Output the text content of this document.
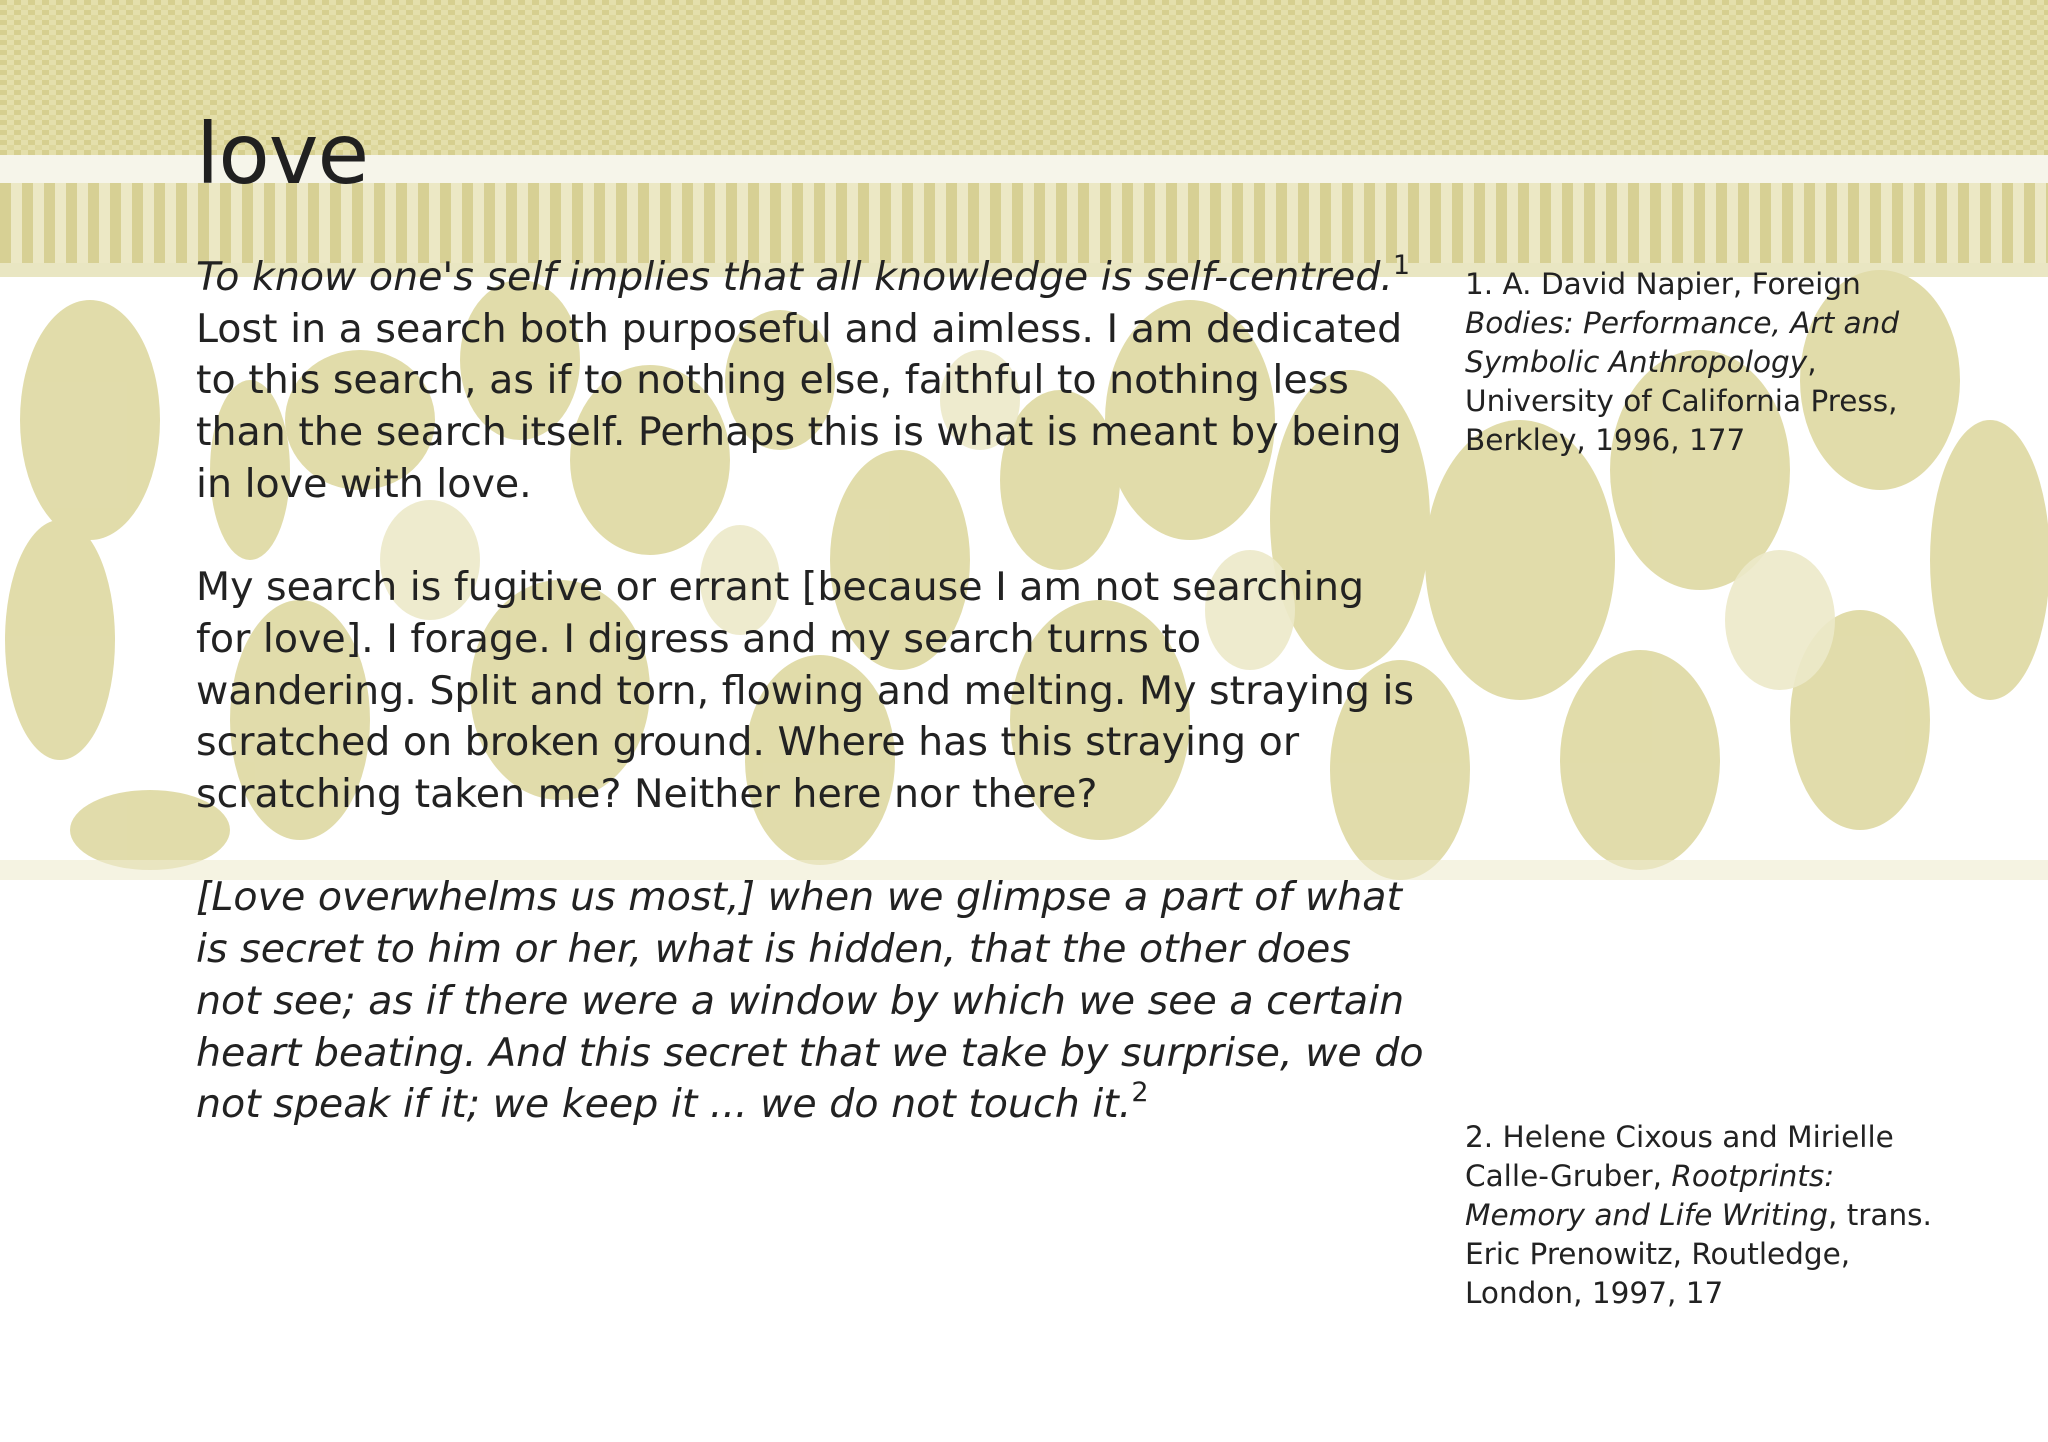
love

To know one's self implies that all knowledge is self-centred.$^1$ Lost in a search both purposeful and aimless. I am dedicated to this search, as if to nothing else, faithful to nothing less than the search itself. Perhaps this is what is meant by being in love with love.

My search is fugitive or errant [because I am not searching for love]. I forage. I digress and my search turns to wandering. Split and torn, flowing and melting. My straying is scratched on broken ground. Where has this straying or scratching taken me? Neither here nor there?

[Love overwhelms us most,] when we glimpse a part of what is secret to him or her, what is hidden, that the other does not see; as if there were a window by which we see a certain heart beating. And this secret that we take by surprise, we do not speak if it; we keep it ... we do not touch it.$^2$

1. A. David Napier, Foreign Bodies: Performance, Art and Symbolic Anthropology, University of California Press, Berkley, 1996, 177
2. Helene Cixous and Mirielle Calle-Gruber, Rootprints: Memory and Life Writing, trans. Eric Prenowitz, Routledge, London, 1997, 17
